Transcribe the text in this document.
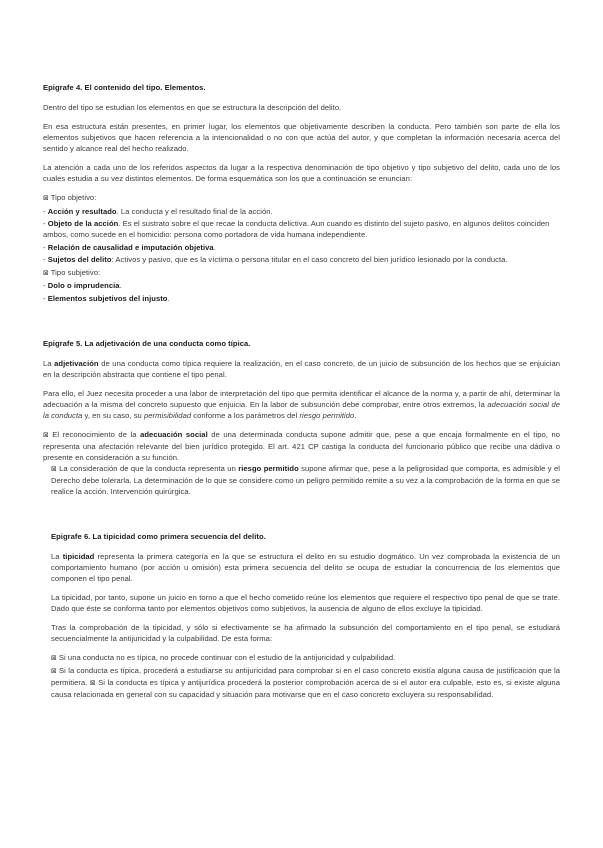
Epigrafe 4. El contenido del tipo. Elementos.

Dentro del tipo se estudian los elementos en que se estructura la descripción del delito.

En esa estructura están presentes, en primer lugar, los elementos que objetivamente describen la conducta. Pero también son parte de ella los elementos subjetivos que hacen referencia a la intencionalidad o no con que actúa del autor, y que completan la información necesaria acerca del sentido y alcance real del hecho realizado.

La atención a cada uno de los referidos aspectos da lugar a la respectiva denominación de tipo objetivo y tipo subjetivo del delito, cada uno de los cuales estudia a su vez distintos elementos. De forma esquemática son los que a continuación se enuncian:

⊠ Tipo objetivo:

- Acción y resultado. La conducta y el resultado final de la acción.

- Objeto de la acción. Es el sustrato sobre el que recae la conducta delictiva. Aun cuando es distinto del sujeto pasivo, en algunos delitos coinciden ambos, como sucede en el homicidio: persona como portadora de vida humana independiente.

- Relación de causalidad e imputación objetiva.

- Sujetos del delito: Activos y pasivo, que es la víctima o persona titular en el caso concreto del bien jurídico lesionado por la conducta.

⊠ Tipo subjetivo:

- Dolo o imprudencia.

- Elementos subjetivos del injusto.

Epigrafe 5. La adjetivación de una conducta como típica.

La adjetivación de una conducta como típica requiere la realización, en el caso concreto, de un juicio de subsunción de los hechos que se enjuician en la descripción abstracta que contiene el tipo penal.

Para ello, el Juez necesita proceder a una labor de interpretación del tipo que permita identificar el alcance de la norma y, a partir de ahí, determinar la adecuación a la misma del concreto supuesto que enjuicia. En la labor de subsunción debe comprobar, entre otros extremos, la adecuación social de la conducta y, en su caso, su permisibilidad conforme a los parámetros del riesgo permitido.

⊠ El reconocimiento de la adecuación social de una determinada conducta supone admitir que, pese a que encaja formalmente en el tipo, no representa una afectación relevante del bien jurídico protegido. El art. 421 CP castiga la conducta del funcionario público que recibe una dádiva o presente en consideración a su función.

⊠ La consideración de que la conducta representa un riesgo permitido supone afirmar que, pese a la peligrosidad que comporta, es admisible y el Derecho debe tolerarla. La determinación de lo que se considere como un peligro permitido remite a su vez a la comprobación de la forma en que se realice la acción. Intervención quirúrgica.

Epigrafe 6. La tipicidad como primera secuencia del delito.

La tipicidad representa la primera categoría en la que se estructura el delito en su estudio dogmático. Un vez comprobada la existencia de un comportamiento humano (por acción u omisión) esta primera secuencia del delito se ocupa de estudiar la concurrencia de los elementos que componen el tipo penal.

La tipicidad, por tanto, supone un juicio en torno a que el hecho cometido reúne los elementos que requiere el respectivo tipo penal de que se trate. Dado que éste se conforma tanto por elementos objetivos como subjetivos, la ausencia de alguno de ellos excluye la tipicidad.

Tras la comprobación de la tipicidad, y sólo si efectivamente se ha afirmado la subsunción del comportamiento en el tipo penal, se estudiará secuencialmente la antijuricidad y la culpabilidad. De esta forma:

⊠ Si una conducta no es típica, no procede continuar con el estudio de la antijuricidad y culpabilidad.

⊠ Si la conducta es típica, procederá a estudiarse su antijuricidad para comprobar si en el caso concreto existía alguna causa de justificación que la permitiera. ⊠ Si la conducta es típica y antijurídica procederá la posterior comprobación acerca de si el autor era culpable, esto es, si existe alguna causa relacionada en general con su capacidad y situación para motivarse que en el caso concreto excluyera su responsabilidad.
